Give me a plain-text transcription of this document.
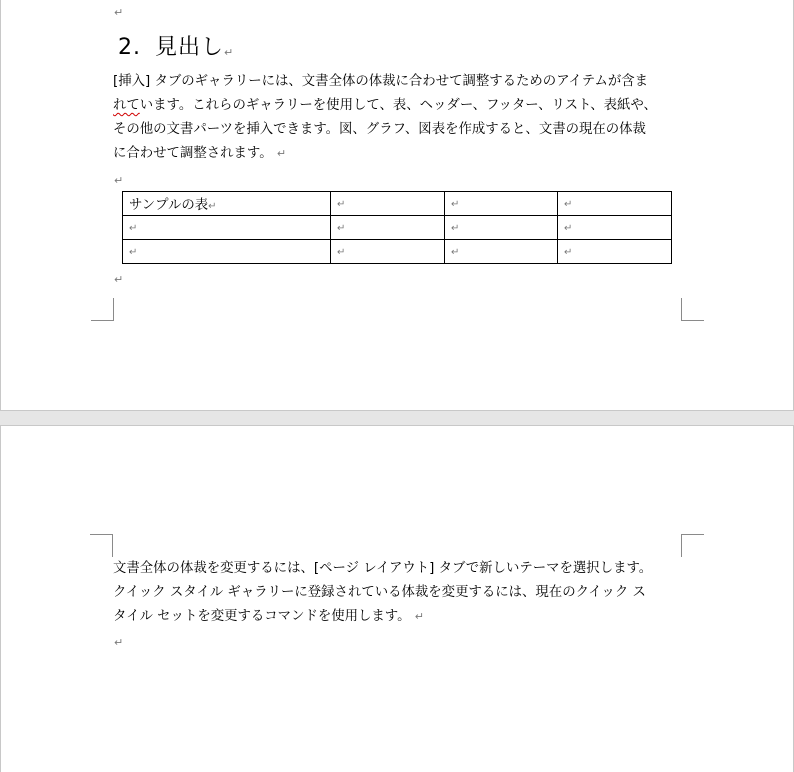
↵
2. 見出し↵

[挿入] タブのギャラリーには、文書全体の体裁に合わせて調整するためのアイテムが含ま

れています。これらのギャラリーを使用して、表、ヘッダー、フッター、リスト、表紙や、

その他の文書パーツを挿入できます。図、グラフ、図表を作成すると、文書の現在の体裁

に合わせて調整されます。 ↵

↵
サンプルの表↵	↵	↵	↵
↵	↵	↵	↵
↵	↵	↵	↵
↵

文書全体の体裁を変更するには、[ページ レイアウト] タブで新しいテーマを選択します。

クイック スタイル ギャラリーに登録されている体裁を変更するには、現在のクイック ス

タイル セットを変更するコマンドを使用します。 ↵

↵
